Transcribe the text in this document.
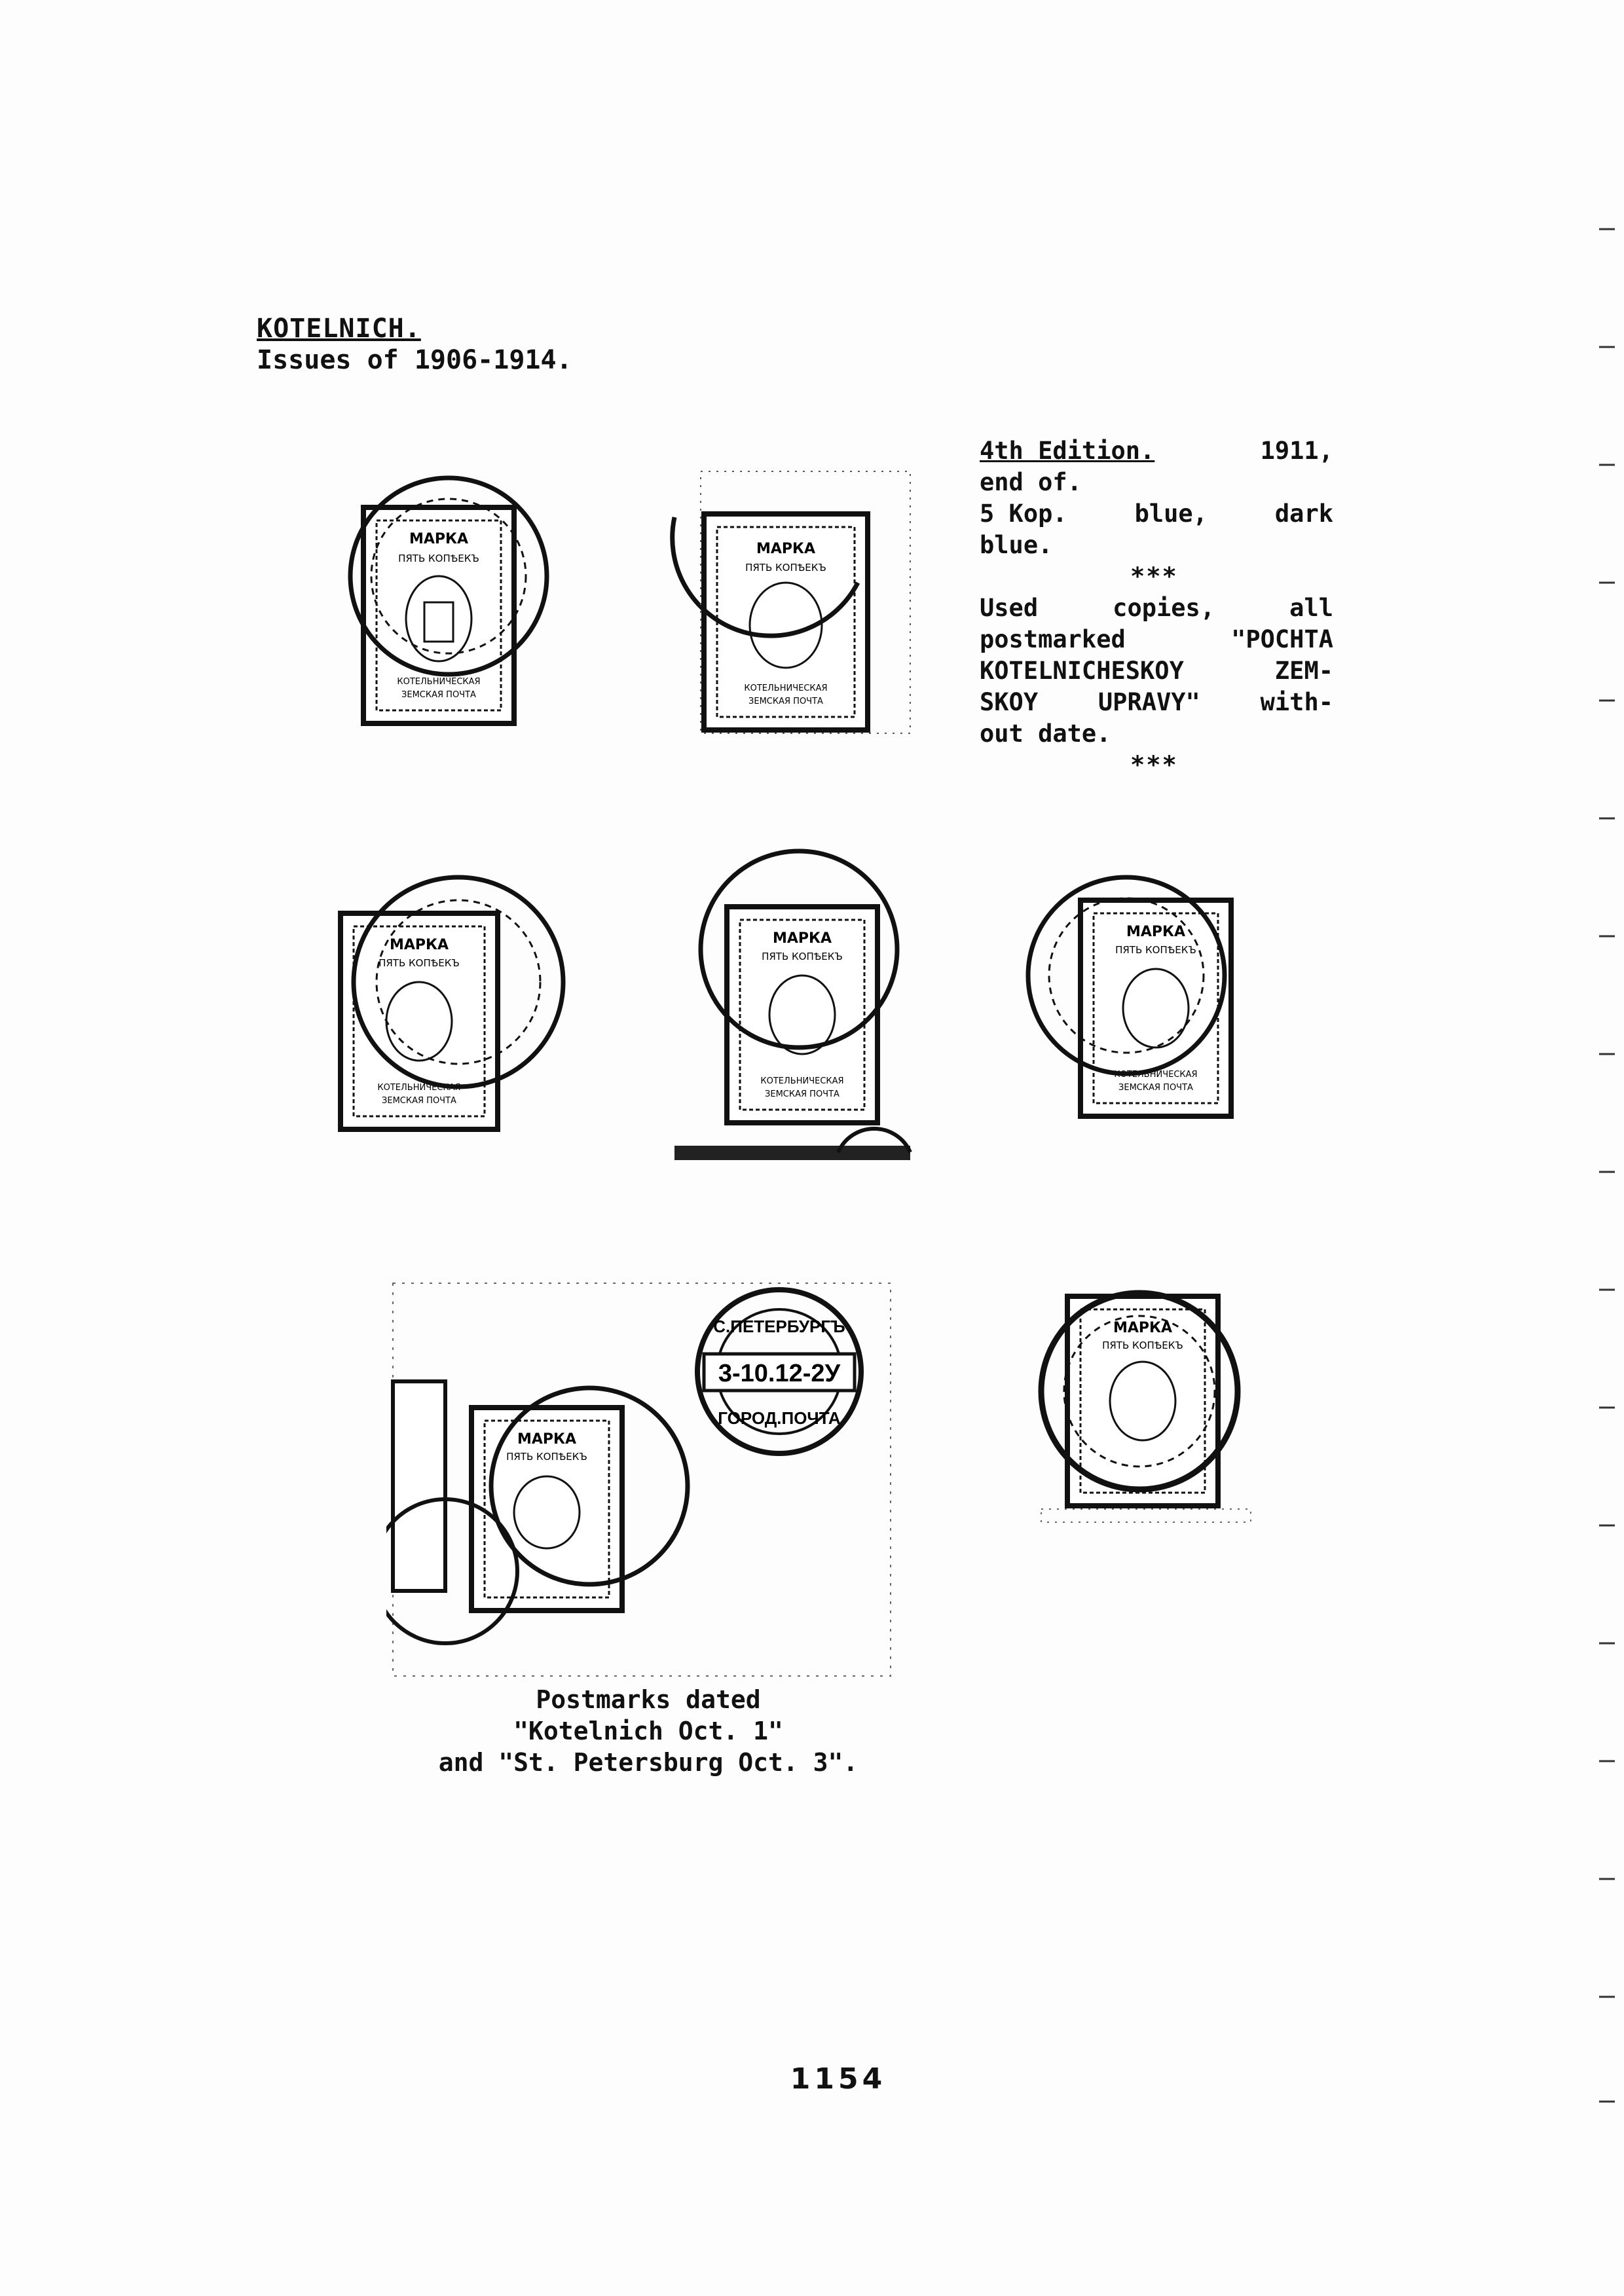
KOTELNICH.
Issues of 1906-1914.
4th Edition.	1911,
end of.
5 Kop.	blue,	dark
blue.
***
Used copies, all
postmarked "POCHTA
KOTELNICHESKOY ZEM-
SKOY UPRAVY" with-
out date.
***
МАРКА
ПЯТЬ КОПѢЕКЪ
КОТЕЛЬНИЧЕСКАЯ
ЗЕМСКАЯ ПОЧТА
МАРКА
ПЯТЬ КОПѢЕКЪ
КОТЕЛЬНИЧЕСКАЯ
ЗЕМСКАЯ ПОЧТА
МАРКА
ПЯТЬ КОПѢЕКЪ
КОТЕЛЬНИЧЕСКАЯ
ЗЕМСКАЯ ПОЧТА
МАРКА
ПЯТЬ КОПѢЕКЪ
КОТЕЛЬНИЧЕСКАЯ
ЗЕМСКАЯ ПОЧТА
МАРКА
ПЯТЬ КОПѢЕКЪ
КОТЕЛЬНИЧЕСКАЯ
ЗЕМСКАЯ ПОЧТА
МАРКА
ПЯТЬ КОПѢЕКЪ
3-10.12-2У
С.ПЕТЕРБУРГЪ
ГОРОД.ПОЧТА
МАРКА
ПЯТЬ КОПѢЕКЪ
Postmarks dated
"Kotelnich Oct. 1"
and "St. Petersburg Oct. 3".
1154
